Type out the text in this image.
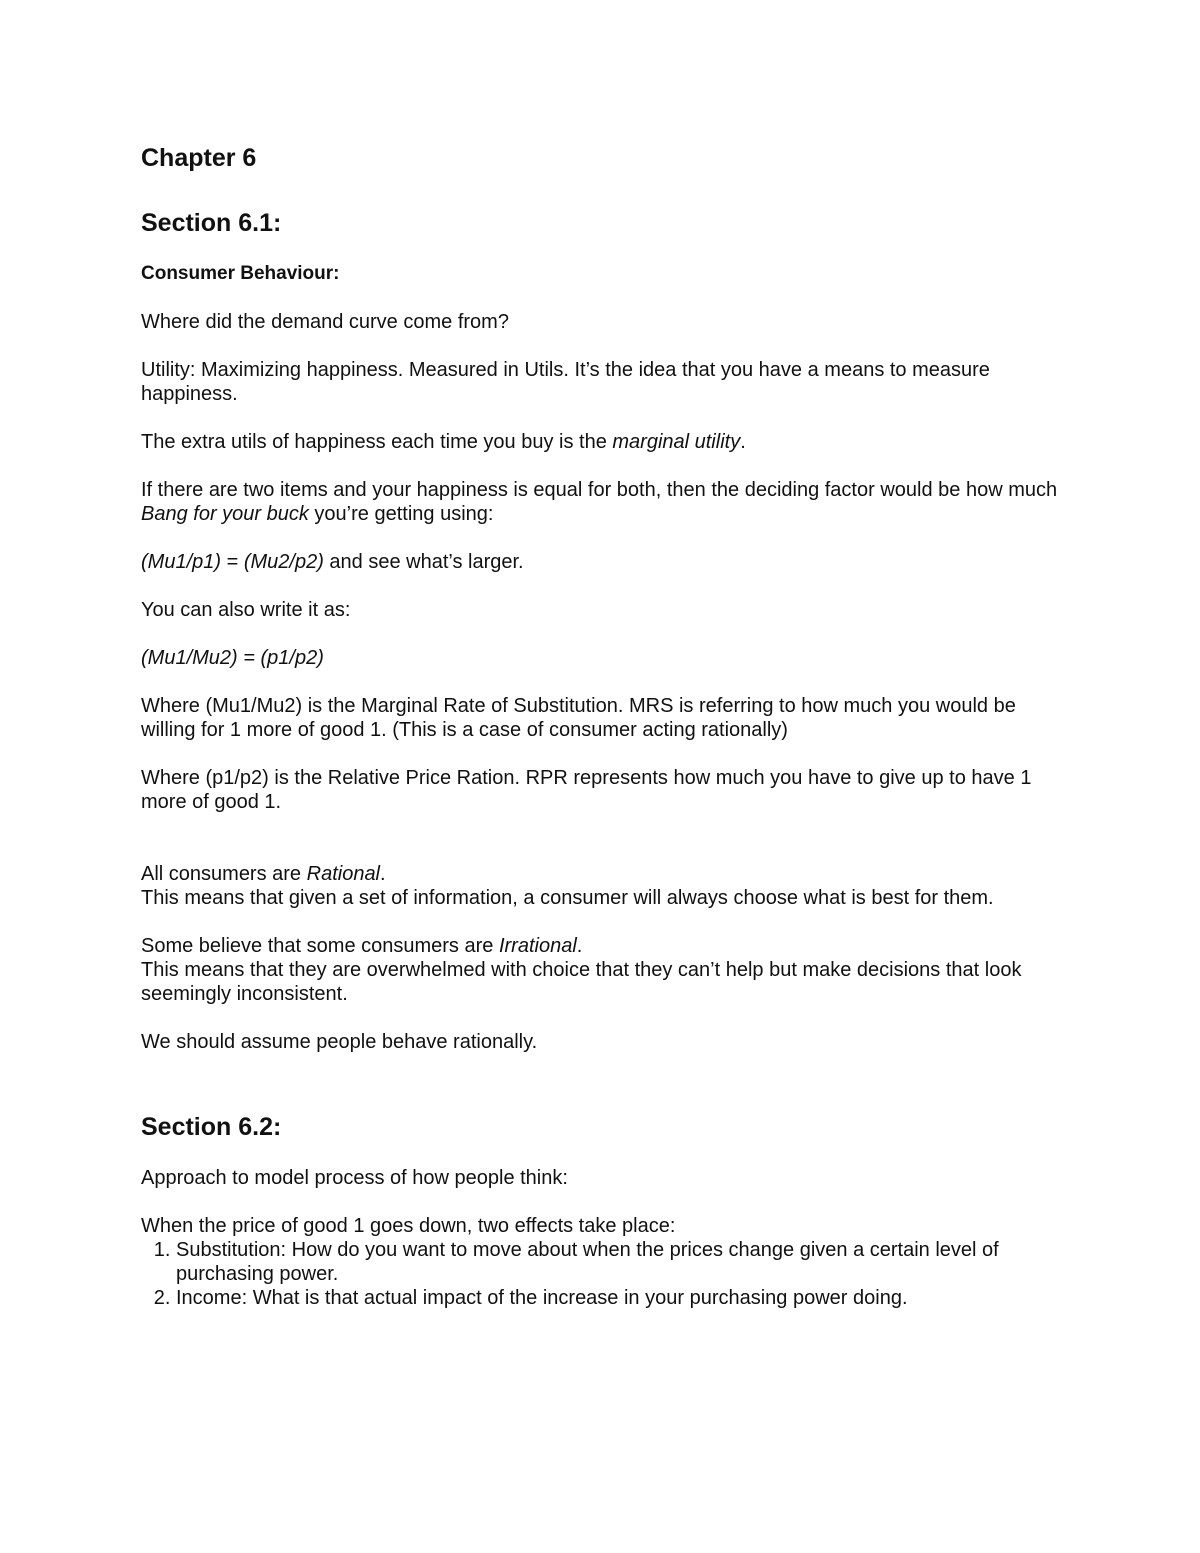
Chapter 6
Section 6.1:

Consumer Behaviour:

Where did the demand curve come from?

Utility: Maximizing happiness. Measured in Utils. It’s the idea that you have a means to measure happiness.

The extra utils of happiness each time you buy is the marginal utility.

If there are two items and your happiness is equal for both, then the deciding factor would be how much Bang for your buck you’re getting using:

(Mu1/p1) = (Mu2/p2) and see what’s larger.

You can also write it as:

(Mu1/Mu2) = (p1/p2)

Where (Mu1/Mu2) is the Marginal Rate of Substitution. MRS is referring to how much you would be willing for 1 more of good 1. (This is a case of consumer acting rationally)

Where (p1/p2) is the Relative Price Ration. RPR represents how much you have to give up to have 1 more of good 1.

All consumers are Rational.

This means that given a set of information, a consumer will always choose what is best for them.

Some believe that some consumers are Irrational.

This means that they are overwhelmed with choice that they can’t help but make decisions that look seemingly inconsistent.

We should assume people behave rationally.

Section 6.2:

Approach to model process of how people think:

When the price of good 1 goes down, two effects take place:

1. Substitution: How do you want to move about when the prices change given a certain level of purchasing power.
2. Income: What is that actual impact of the increase in your purchasing power doing.
